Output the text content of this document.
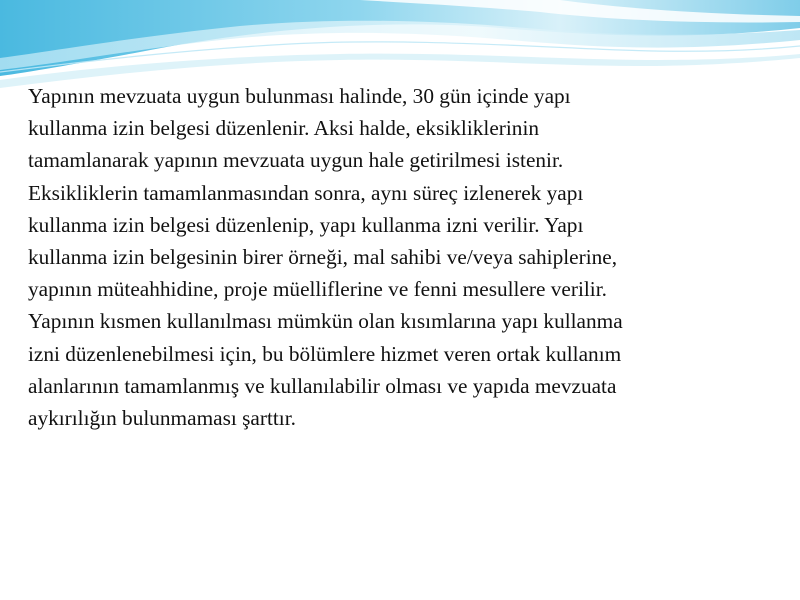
Yapının mevzuata uygun bulunması halinde, 30 gün içinde yapı
kullanma izin belgesi düzenlenir. Aksi halde, eksikliklerinin
tamamlanarak yapının mevzuata uygun hale getirilmesi istenir.
Eksikliklerin tamamlanmasından sonra, aynı süreç izlenerek yapı
kullanma izin belgesi düzenlenip, yapı kullanma izni verilir. Yapı
kullanma izin belgesinin birer örneği, mal sahibi ve/veya sahiplerine,
yapının müteahhidine, proje müelliflerine ve fenni mesullere verilir.
Yapının kısmen kullanılması mümkün olan kısımlarına yapı kullanma
izni düzenlenebilmesi için, bu bölümlere hizmet veren ortak kullanım
alanlarının tamamlanmış ve kullanılabilir olması ve yapıda mevzuata
aykırılığın bulunmaması şarttır.
